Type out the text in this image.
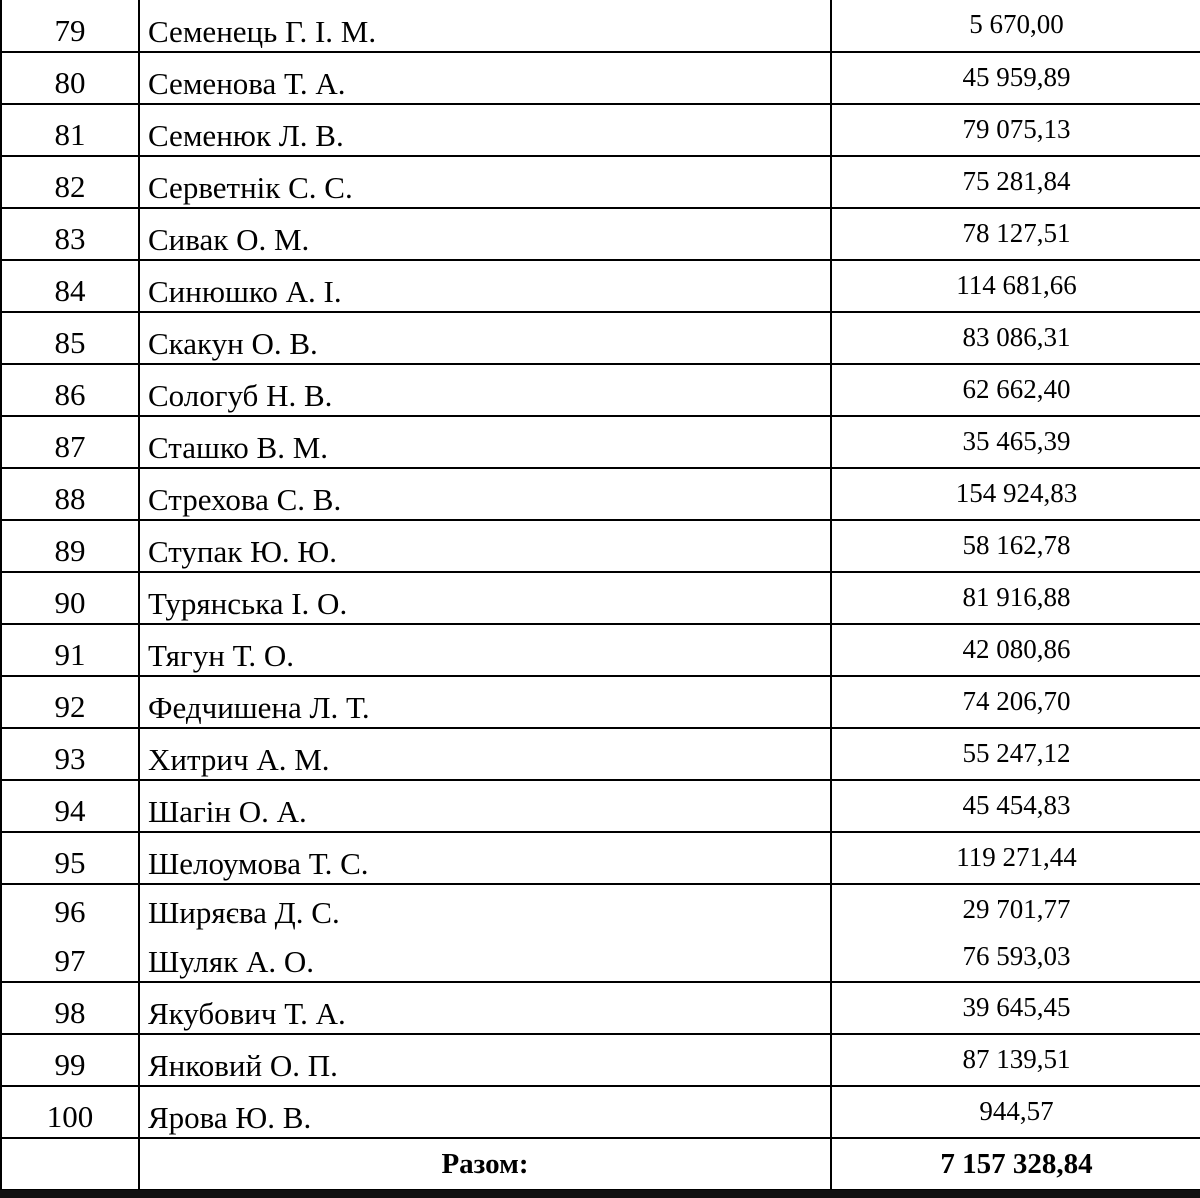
79	Семенець Г. І. М.	5 670,00
80	Семенова Т. А.	45 959,89
81	Семенюк Л. В.	79 075,13
82	Серветнік С. С.	75 281,84
83	Сивак О. М.	78 127,51
84	Синюшко А. І.	114 681,66
85	Скакун О. В.	83 086,31
86	Сологуб Н. В.	62 662,40
87	Сташко В. М.	35 465,39
88	Стрехова С. В.	154 924,83
89	Ступак Ю. Ю.	58 162,78
90	Турянська І. О.	81 916,88
91	Тягун Т. О.	42 080,86
92	Федчишена Л. Т.	74 206,70
93	Хитрич А. М.	55 247,12
94	Шагін О. А.	45 454,83
95	Шелоумова Т. С.	119 271,44
96	Ширяєва Д. С.	29 701,77
97	Шуляк А. О.	76 593,03
98	Якубович Т. А.	39 645,45
99	Янковий О. П.	87 139,51
100	Ярова Ю. В.	944,57
	Разом:	7 157 328,84
